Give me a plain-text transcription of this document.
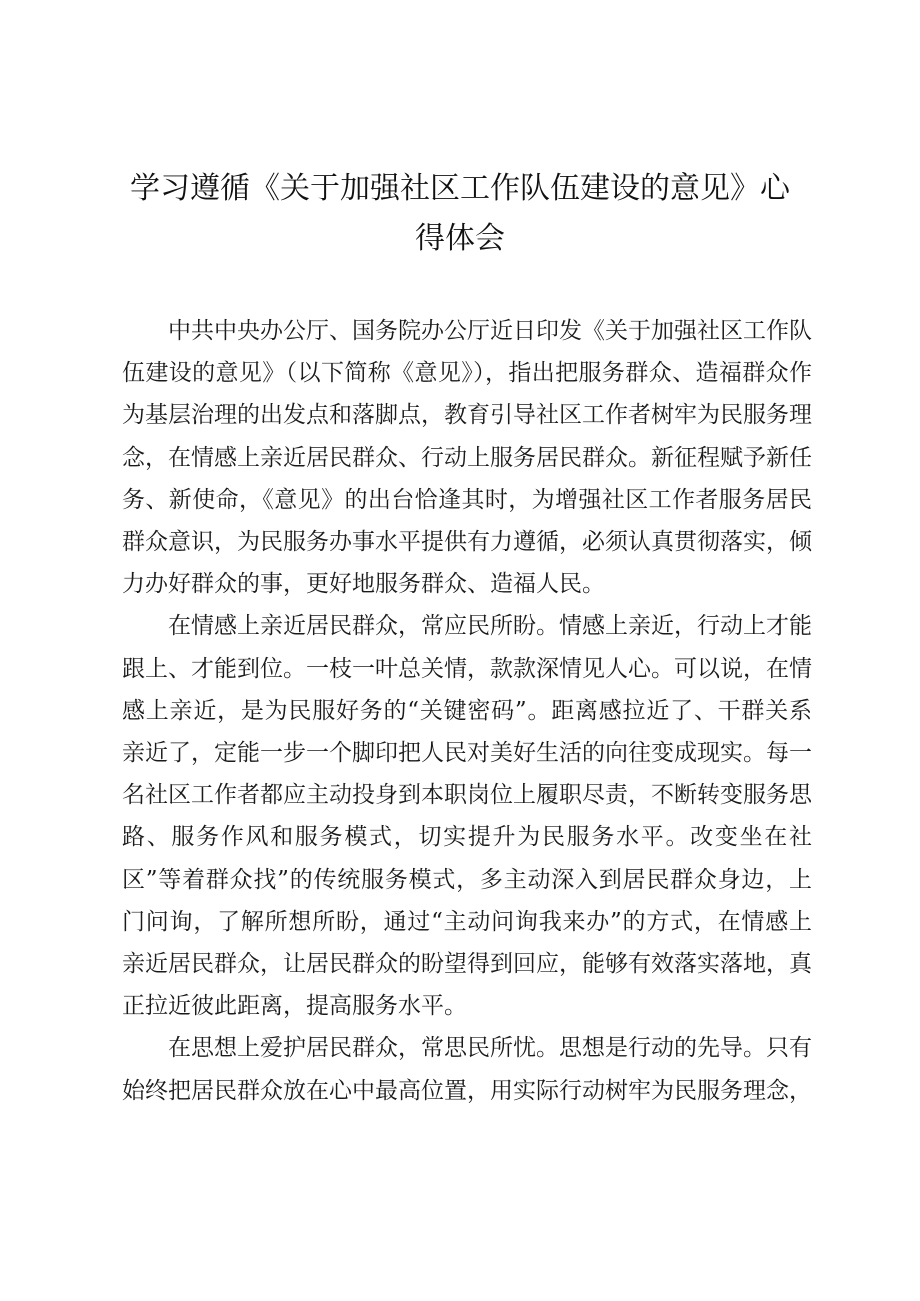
学习遵循《关于加强社区工作队伍建设的意见》心得体会

中共中央办公厅、国务院办公厅近日印发《关于加强社区工作队伍建设的意见》（以下简称《意见》），指出把服务群众、造福群众作为基层治理的出发点和落脚点，教育引导社区工作者树牢为民服务理念，在情感上亲近居民群众、行动上服务居民群众。新征程赋予新任务、新使命，《意见》的出台恰逢其时，为增强社区工作者服务居民群众意识，为民服务办事水平提供有力遵循，必须认真贯彻落实，倾力办好群众的事，更好地服务群众、造福人民。

在情感上亲近居民群众，常应民所盼。情感上亲近，行动上才能跟上、才能到位。一枝一叶总关情，款款深情见人心。可以说，在情感上亲近，是为民服好务的“关键密码”。距离感拉近了、干群关系亲近了，定能一步一个脚印把人民对美好生活的向往变成现实。每一名社区工作者都应主动投身到本职岗位上履职尽责，不断转变服务思路、服务作风和服务模式，切实提升为民服务水平。改变坐在社区”等着群众找”的传统服务模式，多主动深入到居民群众身边，上门问询，了解所想所盼，通过“主动问询我来办”的方式，在情感上亲近居民群众，让居民群众的盼望得到回应，能够有效落实落地，真正拉近彼此距离，提高服务水平。

在思想上爱护居民群众，常思民所忧。思想是行动的先导。只有始终把居民群众放在心中最高位置，用实际行动树牢为民服务理念，
